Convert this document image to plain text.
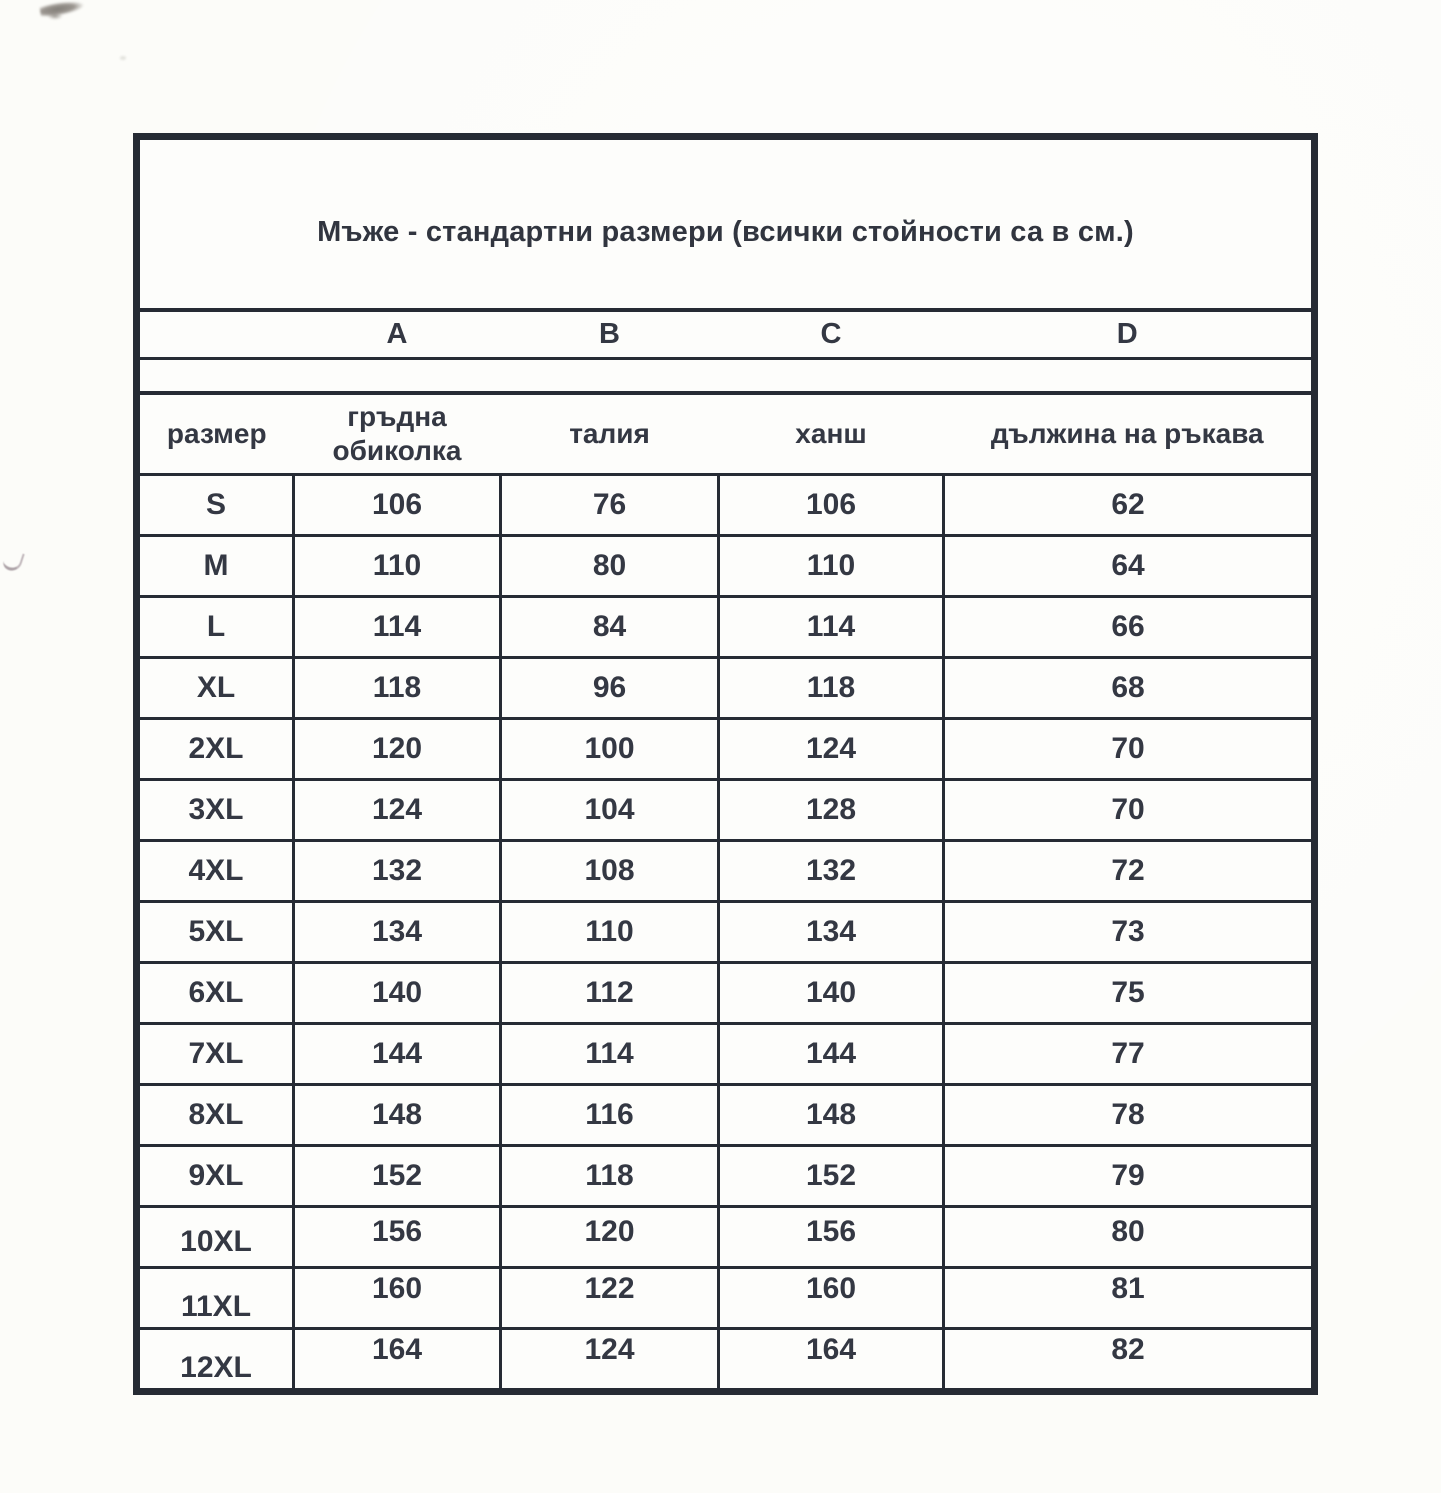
Мъже - стандартни размери (всички стойности са в см.)				
	A	B	C	D

размер	гръдна обиколка	талия	ханш	дължина на ръкава
S	106	76	106	62
M	110	80	110	64
L	114	84	114	66
XL	118	96	118	68
2XL	120	100	124	70
3XL	124	104	128	70
4XL	132	108	132	72
5XL	134	110	134	73
6XL	140	112	140	75
7XL	144	114	144	77
8XL	148	116	148	78
9XL	152	118	152	79
10XL	156	120	156	80
11XL	160	122	160	81
12XL	164	124	164	82
